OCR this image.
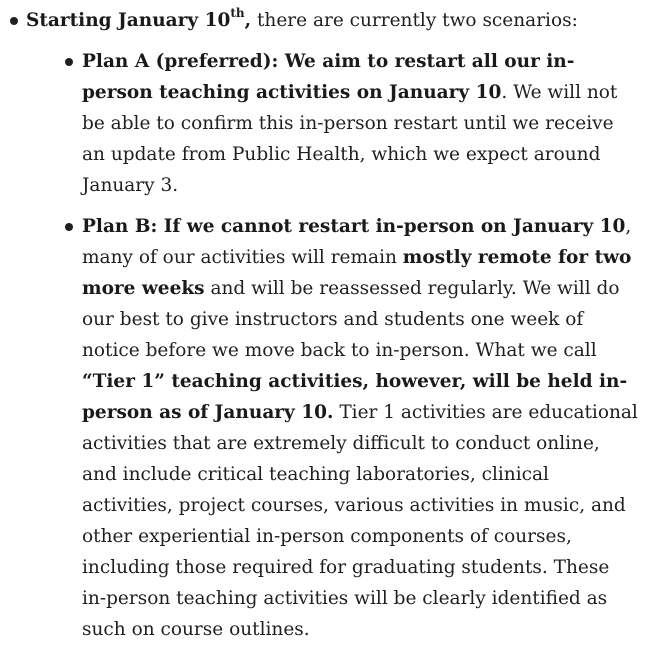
Starting January 10th, there are currently two scenarios:
Plan A (preferred): We aim to restart all our in-person teaching activities on January 10. We will not be able to confirm this in-person restart until we receive an update from Public Health, which we expect around January 3.
Plan B: If we cannot restart in-person on January 10, many of our activities will remain mostly remote for two more weeks and will be reassessed regularly. We will do our best to give instructors and students one week of notice before we move back to in-person. What we call “Tier 1” teaching activities, however, will be held in-person as of January 10. Tier 1 activities are educational activities that are extremely difficult to conduct online, and include critical teaching laboratories, clinical activities, project courses, various activities in music, and other experiential in-person components of courses, including those required for graduating students. These in-person teaching activities will be clearly identified as such on course outlines.
